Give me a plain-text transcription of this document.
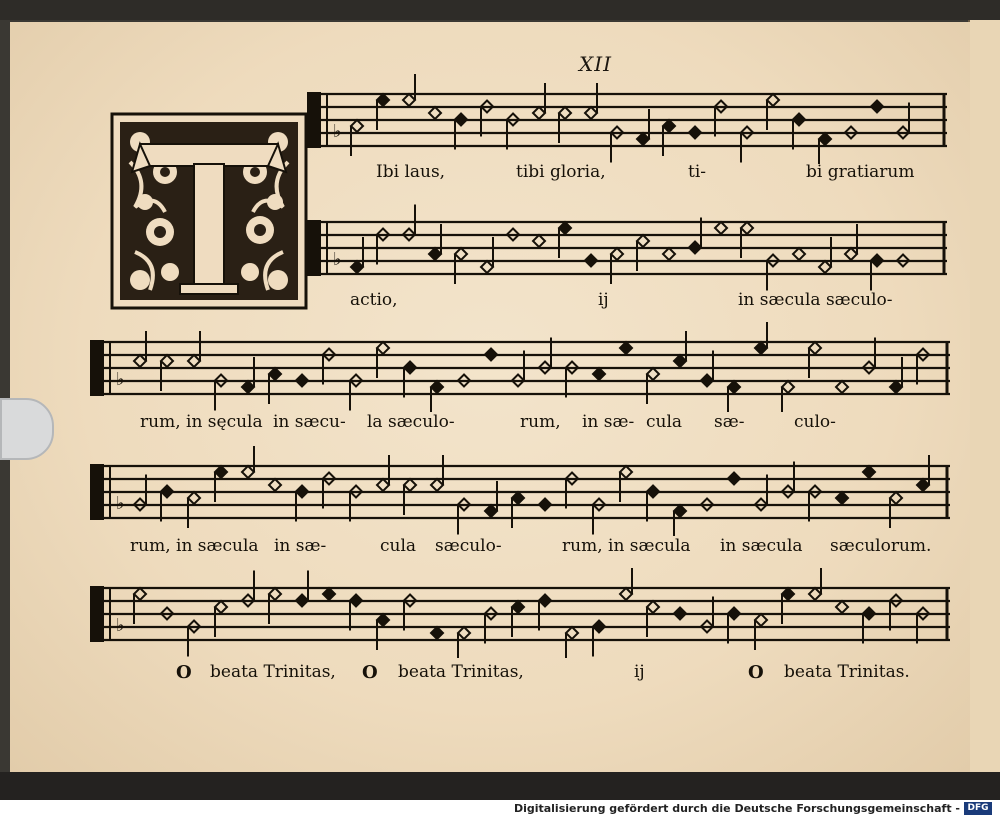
XII
♭
♭
♭
♭
♭
Ibi laus,	tibi gloria,	ti-	bi gratiarum
actio,	ij	in sæcula sæculo-
rum, in sęcula in sæcu- la sæculo-	rum, in sæ- cula sæ-	culo-
rum, in sæcula in sæ-	cula sæculo-	rum, in sæcula in sæcula sæculorum.
O beata Trinitas, O beata Trinitas,	ij	O beata Trinitas.
Digitalisierung gefördert durch die Deutsche Forschungsgemeinschaft - DFG
